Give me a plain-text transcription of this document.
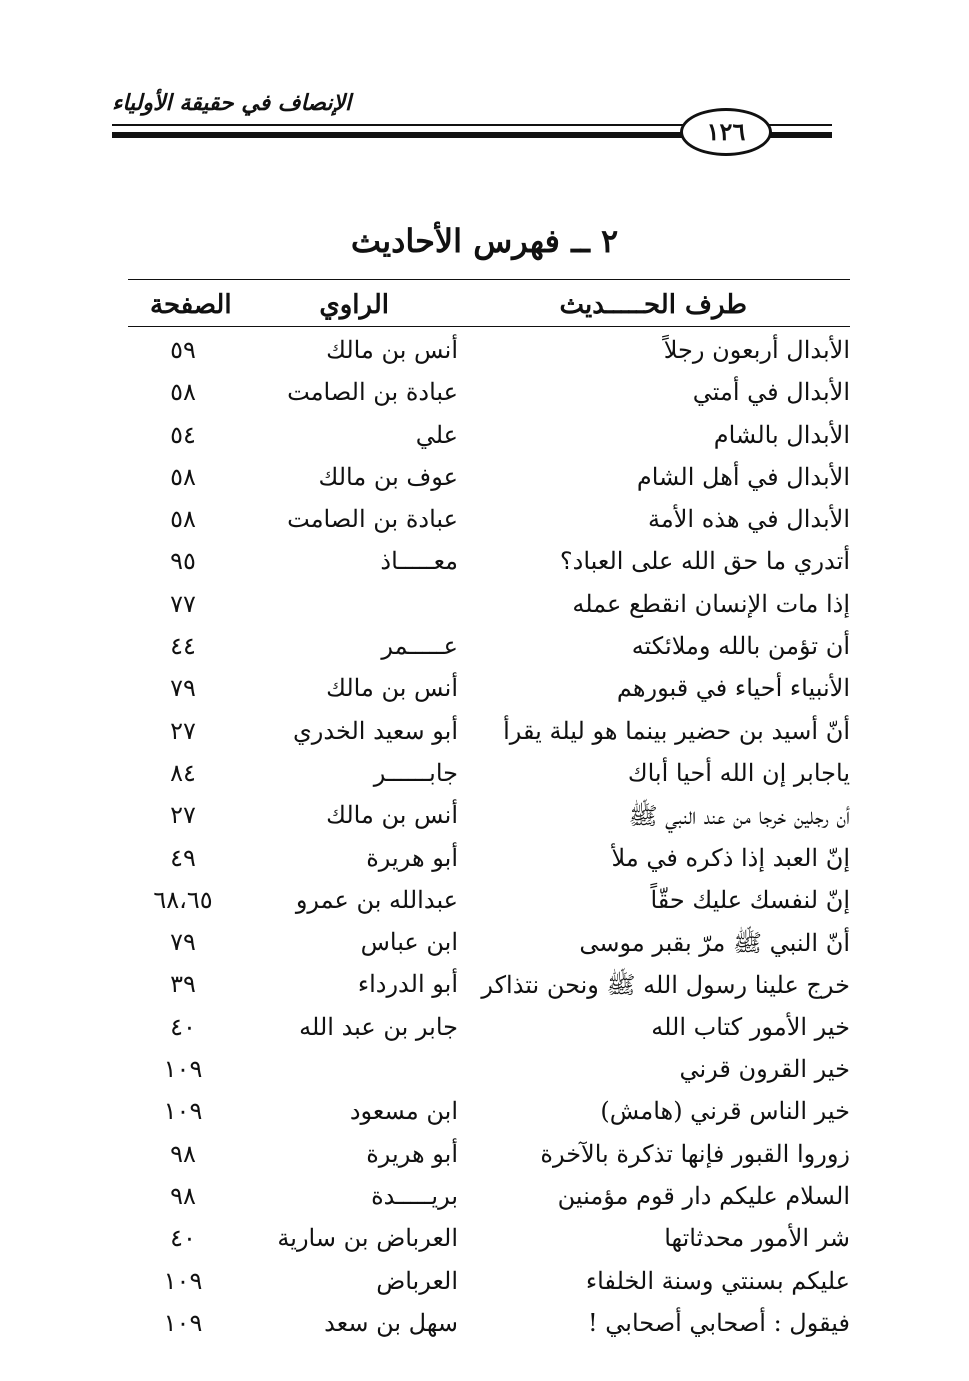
الإنصاف في حقيقة الأولياء
١٢٦
٢ ــ فهرس الأحاديث
طرف الحـــــديث
الراوي
الصفحة
الأبدال أربعون رجلاً
أنس بن مالك
٥٩
الأبدال في أمتي
عبادة بن الصامت
٥٨
الأبدال بالشام
علي
٥٤
الأبدال في أهل الشام
عوف بن مالك
٥٨
الأبدال في هذه الأمة
عبادة بن الصامت
٥٨
أتدري ما حق الله على العباد؟
معـــــاذ
٩٥
إذا مات الإنسان انقطع عمله
٧٧
أن تؤمن بالله وملائكته
عـــــمر
٤٤
الأنبياء أحياء في قبورهم
أنس بن مالك
٧٩
أنّ أسيد بن حضير بينما هو ليلة يقرأ
أبو سعيد الخدري
٢٧
ياجابر إن الله أحيا أباك
جابــــــر
٨٤
أن رجلين خرجا من عند النبي ﷺ
أنس بن مالك
٢٧
إنّ العبد إذا ذكره في ملأ
أبو هريرة
٤٩
إنّ لنفسك عليك حقّاً
عبدالله بن عمرو
٦٨،٦٥
أنّ النبي ﷺ مرّ بقبر موسى
ابن عباس
٧٩
خرج علينا رسول الله ﷺ ونحن نتذاكر
أبو الدرداء
٣٩
خير الأمور كتاب الله
جابر بن عبد الله
٤٠
خير القرون قرني
١٠٩
خير الناس قرني (هامش)
ابن مسعود
١٠٩
زوروا القبور فإنها تذكرة بالآخرة
أبو هريرة
٩٨
السلام عليكم دار قوم مؤمنين
بريـــــدة
٩٨
شر الأمور محدثاتها
العرباض بن سارية
٤٠
عليكم بسنتي وسنة الخلفاء
العرباض
١٠٩
فيقول : أصحابي أصحابي !
سهل بن سعد
١٠٩
